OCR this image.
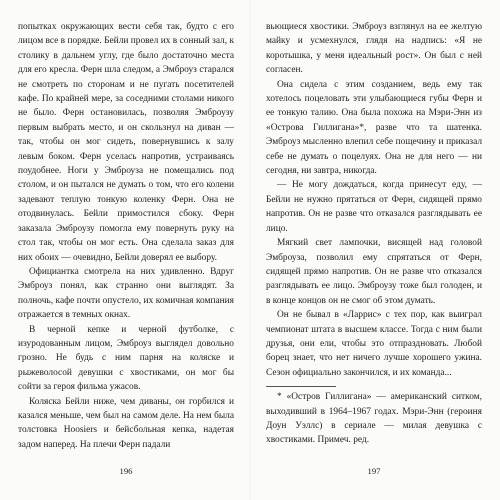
попытках окружающих вести себя так, будто с его лицом все в порядке. Бейли провел их в сонный зал, к столику в дальнем углу, где было достаточно места для его кресла. Ферн шла следом, а Эмброуз старался не смотреть по сторонам и не пугать посетителей кафе. По крайней мере, за соседними столами никого не было. Ферн остановилась, позволяя Эмброузу первым выбрать место, и он скользнул на диван — так, чтобы он мог сидеть, повернувшись к залу левым боком. Ферн уселась напротив, устраиваясь поудобнее. Ноги у Эмброуза не помещались под столом, и он пытался не думать о том, что его колени задевают теплую тонкую коленку Ферн. Она не отодвинулась. Бейли примостился сбоку. Ферн заказала Эмброузу помогла ему повернуть руку на стол так, чтобы он мог есть. Она сделала заказ для них обоих — очевидно, Бейли доверял ее выбору.

Официантка смотрела на них удивленно. Вдруг Эмброуз понял, как странно они выглядят. За полночь, кафе почти опустело, их комичная компания отражается в темных окнах.

В черной кепке и черной футболке, с изуродованным лицом, Эмброуз выглядел довольно грозно. Не будь с ним парня на коляске и рыжеволосой девушки с хвостиками, он мог бы сойти за героя фильма ужасов.

Коляска Бейли ниже, чем диваны, он горбился и казался меньше, чем был на самом деле. На нем была толстовка Hoosiers и бейсбольная кепка, надетая задом наперед. На плечи Ферн падали

196

вьющиеся хвостики. Эмброуз взглянул на ее желтую майку и усмехнулся, глядя на надпись: «Я не коротышка, у меня идеальный рост». Он был с ней согласен.

Она сидела с этим созданием, ведь ему так хотелось поцеловать эти улыбающиеся губы Ферн и ее тонкую талию. Она была похожа на Мэри-Энн из «Острова Гиллигана»*, разве что та шатенка. Эмброуз мысленно влепил себе пощечину и приказал себе не думать о поцелуях. Она не для него — ни сегодня, ни завтра, никогда.

— Не могу дождаться, когда принесут еду, — Бейли не нужно прятаться от Ферн, сидящей прямо напротив. Он не разве что отказался разглядывать ее лицо.

Мягкий свет лампочки, висящей над головой Эмброуза, позволил ему спрятаться от Ферн, сидящей прямо напротив. Он не разве что отказался разглядывать ее лицо. Эмброузу тоже был голоден, и в конце концов он не смог об этом думать.

Он не бывал в «Ларрис» с тех пор, как выиграл чемпионат штата в высшем классе. Тогда с ним были друзья, они ели, чтобы это отпраздновать. Любой борец знает, что нет ничего лучше хорошего ужина. Сезон официально закончился, и их команда...

* «Остров Гиллигана» — американский ситком, выходивший в 1964–1967 годах. Мэри-Энн (героиня Доун Уэллс) в сериале — милая девушка с хвостиками. Примеч. ред.

197
